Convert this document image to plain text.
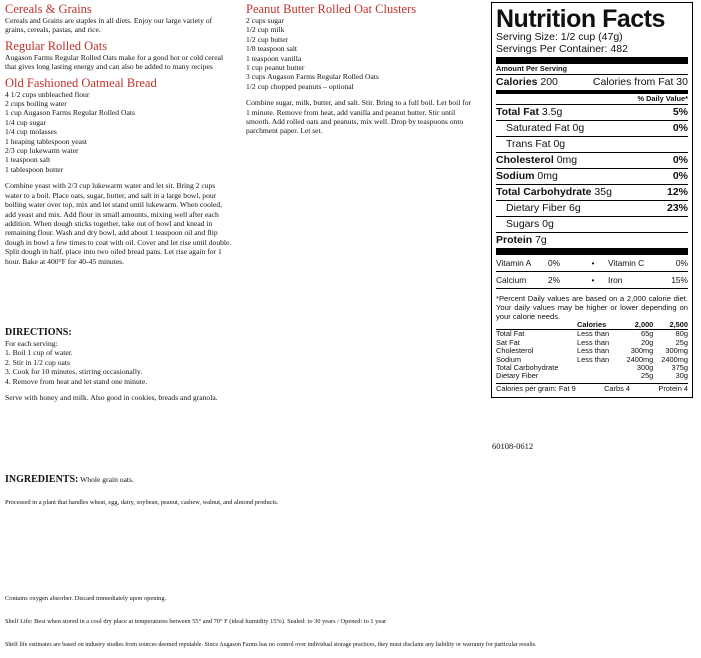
Cereals & Grains

Cereals and Grains are staples in all diets. Enjoy our large variety of grains, cereals, pastas, and rice.

Regular Rolled Oats

Augason Farms Regular Rolled Oats make for a good hot or cold cereal that gives long lasting energy and can also be added to many recipes

Old Fashioned Oatmeal Bread
4 1/2 cups unbleached flour
2 cups boiling water
1 cup Augason Farms Regular Rolled Oats
1/4 cup sugar
1/4 cup molasses
1 heaping tablespoon yeast
2/3 cup lukewarm water
1 teaspoon salt
1 tablespoon butter

Combine yeast with 2/3 cup lukewarm water and let sit. Bring 2 cups water to a boil. Place oats, sugar, butter, and salt in a large bowl, pour boiling water over top, mix and let stand until lukewarm. When cooled, add yeast and mix. Add flour in small amounts, mixing well after each addition. When dough sticks together, take out of bowl and knead in remaining flour. Wash and dry bowl, add about 1 teaspoon oil and flip dough in bowl a few times to coat with oil. Cover and let rise until double. Split dough in half, place into two oiled bread pans. Let rise again for 1 hour. Bake at 400°F for 40-45 minutes.

DIRECTIONS:

For each serving:

1. Boil 1 cup of water.
2. Stir in 1/2 cup oats
3. Cook for 10 minutes, stirring occasionally.
4. Remove from heat and let stand one minute.

Serve with honey and milk. Also good in cookies, breads and granola.

Peanut Butter Rolled Oat Clusters
2 cups sugar
1/2 cup milk
1/2 cup butter
1/8 teaspoon salt
1 teaspoon vanilla
1 cup peanut butter
3 cups Augason Farms Regular Rolled Oats
1/2 cup chopped peanuts – optional

Combine sugar, milk, butter, and salt. Stir. Bring to a full boil. Let boil for 1 minute. Remove from heat, add vanilla and peanut butter. Stir until smooth. Add rolled oats and peanuts, mix well. Drop by teaspoons onto parchment paper. Let set.

Nutrition Facts
Serving Size: 1/2 cup (47g)
Servings Per Container: 482
Amount Per Serving
Calories 200	Calories from Fat 30
% Daily Value*
Total Fat 3.5g	5%
Saturated Fat 0g	0%
Trans Fat 0g
Cholesterol 0mg	0%
Sodium 0mg	0%
Total Carbohydrate 35g	12%
Dietary Fiber 6g	23%
Sugars 0g
Protein 7g
Vitamin A	0%	•	Vitamin C	0%
Calcium	2%	•	Iron	15%
*Percent Daily values are based on a 2,000 calorie diet. Your daily values may be higher or lower depending on your calorie needs.
	Calories	2,000	2,500
Total Fat	Less than	65g	80g
Sat Fat	Less than	20g	25g
Cholesterol	Less than	300mg	300mg
Sodium	Less than	2400mg	2400mg
Total Carbohydrate		300g	375g
Dietary Fiber		25g	30g
Calories per gram: Fat 9	Carbs 4	Protein 4
60108-0612
INGREDIENTS: Whole grain oats.
Processed in a plant that handles wheat, egg, dairy, soybean, peanut, cashew, walnut, and almond products.
Contains oxygen absorber. Discard immediately upon opening.
Shelf Life: Best when stored in a cool dry place at temperatures between 55° and 70° F (ideal humidity 15%). Sealed: to 30 years / Opened: to 1 year
Shelf life estimates are based on industry studies from sources deemed reputable. Since Augason Farms has no control over individual storage practices, they must disclaim any liability or warranty for particular results.
